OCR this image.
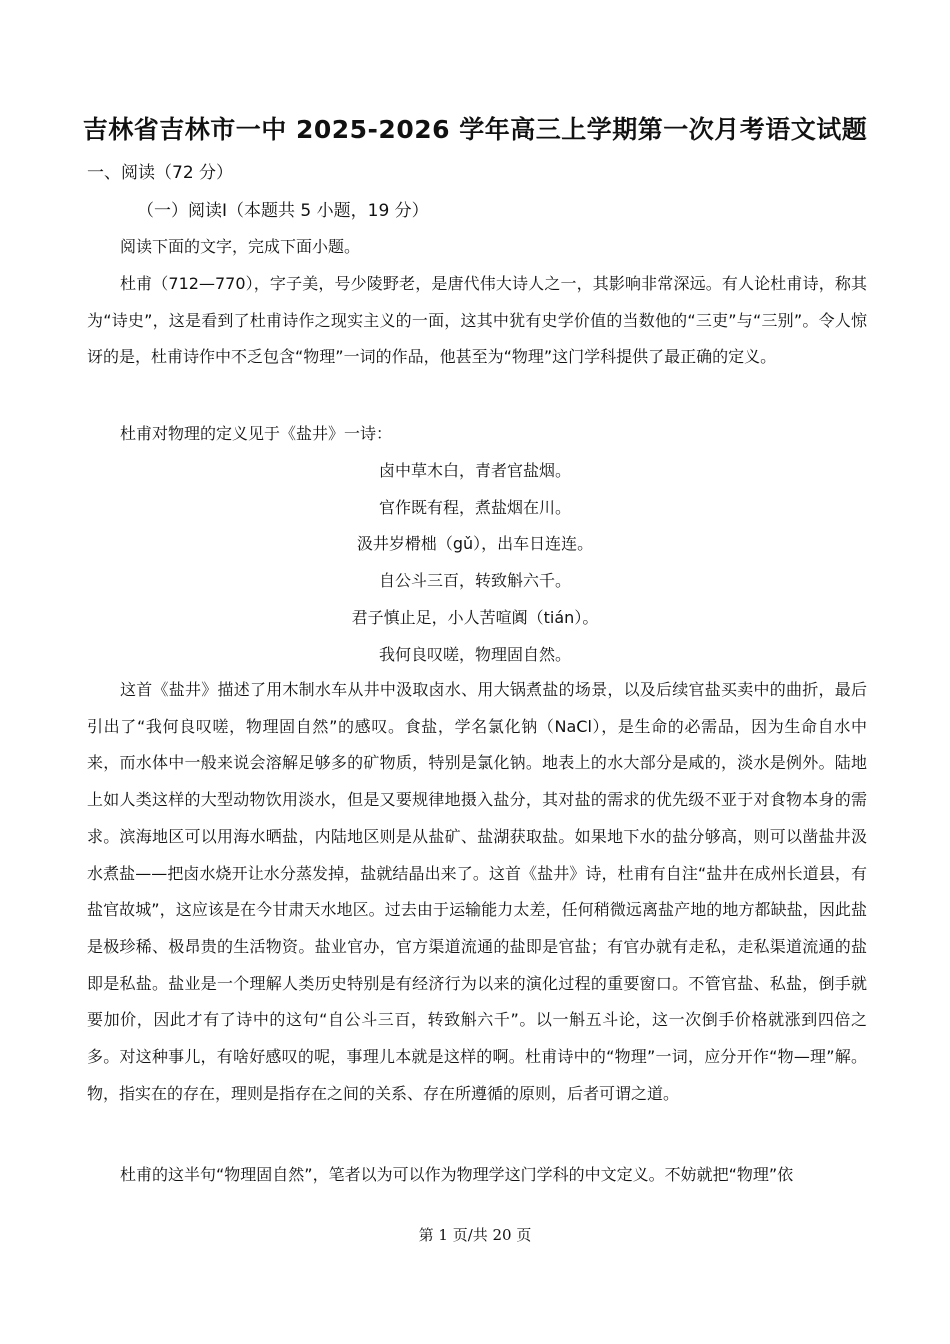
吉林省吉林市一中 2025-2026 学年高三上学期第一次月考语文试题
一、阅读（72 分）
（一）阅读Ⅰ（本题共 5 小题，19 分）

阅读下面的文字，完成下面小题。

杜甫（712—770），字子美，号少陵野老，是唐代伟大诗人之一，其影响非常深远。有人论杜甫诗，称其为“诗史”，这是看到了杜甫诗作之现实主义的一面，这其中犹有史学价值的当数他的“三吏”与“三别”。令人惊讶的是，杜甫诗作中不乏包含“物理”一词的作品，他甚至为“物理”这门学科提供了最正确的定义。

杜甫对物理的定义见于《盐井》一诗：

卤中草木白，青者官盐烟。
官作既有程，煮盐烟在川。
汲井岁榾柮（gǔ），出车日连连。
自公斗三百，转致斛六千。
君子慎止足，小人苦喧阗（tián）。
我何良叹嗟，物理固自然。

这首《盐井》描述了用木制水车从井中汲取卤水、用大锅煮盐的场景，以及后续官盐买卖中的曲折，最后引出了“我何良叹嗟，物理固自然”的感叹。食盐，学名氯化钠（NaCl），是生命的必需品，因为生命自水中来，而水体中一般来说会溶解足够多的矿物质，特别是氯化钠。地表上的水大部分是咸的，淡水是例外。陆地上如人类这样的大型动物饮用淡水，但是又要规律地摄入盐分，其对盐的需求的优先级不亚于对食物本身的需求。滨海地区可以用海水晒盐，内陆地区则是从盐矿、盐湖获取盐。如果地下水的盐分够高，则可以凿盐井汲水煮盐——把卤水烧开让水分蒸发掉，盐就结晶出来了。这首《盐井》诗，杜甫有自注“盐井在成州长道县，有盐官故城”，这应该是在今甘肃天水地区。过去由于运输能力太差，任何稍微远离盐产地的地方都缺盐，因此盐是极珍稀、极昂贵的生活物资。盐业官办，官方渠道流通的盐即是官盐；有官办就有走私，走私渠道流通的盐即是私盐。盐业是一个理解人类历史特别是有经济行为以来的演化过程的重要窗口。不管官盐、私盐，倒手就要加价，因此才有了诗中的这句“自公斗三百，转致斛六千”。以一斛五斗论，这一次倒手价格就涨到四倍之多。对这种事儿，有啥好感叹的呢，事理儿本就是这样的啊。杜甫诗中的“物理”一词，应分开作“物—理”解。物，指实在的存在，理则是指存在之间的关系、存在所遵循的原则，后者可谓之道。

杜甫的这半句“物理固自然”，笔者以为可以作为物理学这门学科的中文定义。不妨就把“物理”依

第 1 页/共 20 页
